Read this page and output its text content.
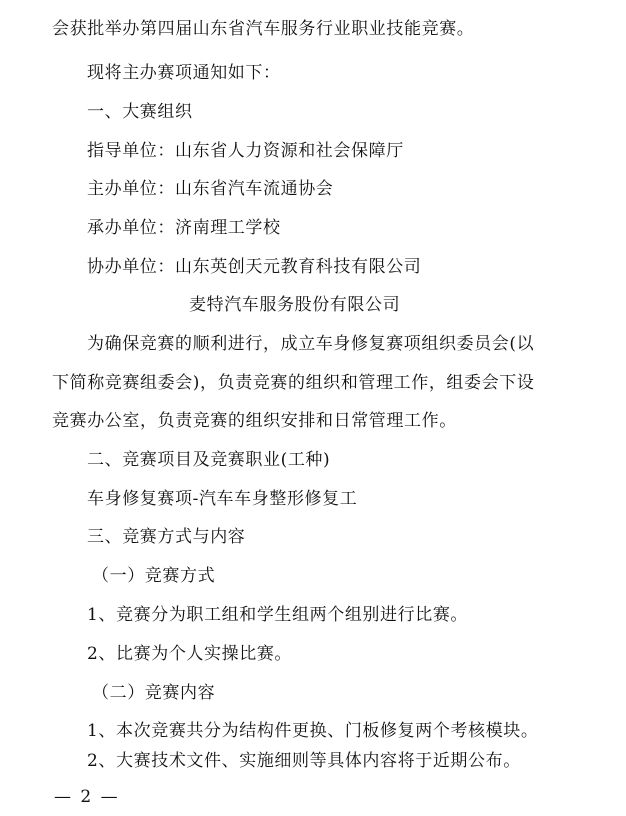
会获批举办第四届山东省汽车服务行业职业技能竞赛。
现将主办赛项通知如下：
一、大赛组织
指导单位：山东省人力资源和社会保障厅
主办单位：山东省汽车流通协会
承办单位：济南理工学校
协办单位：山东英创天元教育科技有限公司
麦特汽车服务股份有限公司
为确保竞赛的顺利进行，成立车身修复赛项组织委员会(以
下简称竞赛组委会)，负责竞赛的组织和管理工作，组委会下设
竞赛办公室，负责竞赛的组织安排和日常管理工作。
二、竞赛项目及竞赛职业(工种)
车身修复赛项-汽车车身整形修复工
三、竞赛方式与内容
（一）竞赛方式
1、竞赛分为职工组和学生组两个组别进行比赛。
2、比赛为个人实操比赛。
（二）竞赛内容
1、本次竞赛共分为结构件更换、门板修复两个考核模块。
2、大赛技术文件、实施细则等具体内容将于近期公布。
— 2 —
